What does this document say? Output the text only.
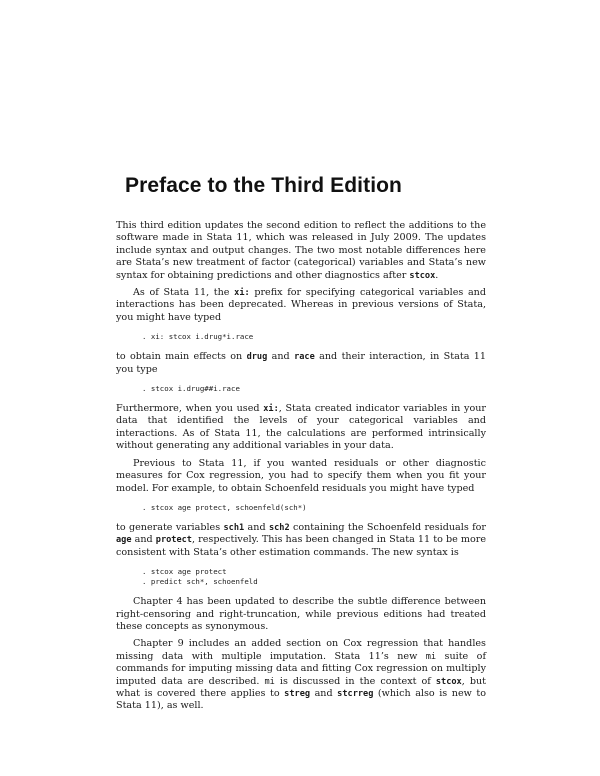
Preface to the Third Edition

This third edition updates the second edition to reflect the additions to the software made in Stata 11, which was released in July 2009. The updates include syntax and output changes. The two most notable differences here are Stata’s new treatment of factor (categorical) variables and Stata’s new syntax for obtaining predictions and other diagnostics after stcox.

As of Stata 11, the xi: prefix for specifying categorical variables and interactions has been deprecated. Whereas in previous versions of Stata, you might have typed

. xi: stcox i.drug*i.race

to obtain main effects on drug and race and their interaction, in Stata 11 you type

. stcox i.drug##i.race

Furthermore, when you used xi:, Stata created indicator variables in your data that identified the levels of your categorical variables and interactions. As of Stata 11, the calculations are performed intrinsically without generating any additional variables in your data.

Previous to Stata 11, if you wanted residuals or other diagnostic measures for Cox regression, you had to specify them when you fit your model. For example, to obtain Schoenfeld residuals you might have typed

. stcox age protect, schoenfeld(sch*)

to generate variables sch1 and sch2 containing the Schoenfeld residuals for age and protect, respectively. This has been changed in Stata 11 to be more consistent with Stata’s other estimation commands. The new syntax is

. stcox age protect
. predict sch*, schoenfeld

Chapter 4 has been updated to describe the subtle difference between right-censoring and right-truncation, while previous editions had treated these concepts as synonymous.

Chapter 9 includes an added section on Cox regression that handles missing data with multiple imputation. Stata 11’s new mi suite of commands for imputing missing data and fitting Cox regression on multiply imputed data are described. mi is discussed in the context of stcox, but what is covered there applies to streg and stcrreg (which also is new to Stata 11), as well.
